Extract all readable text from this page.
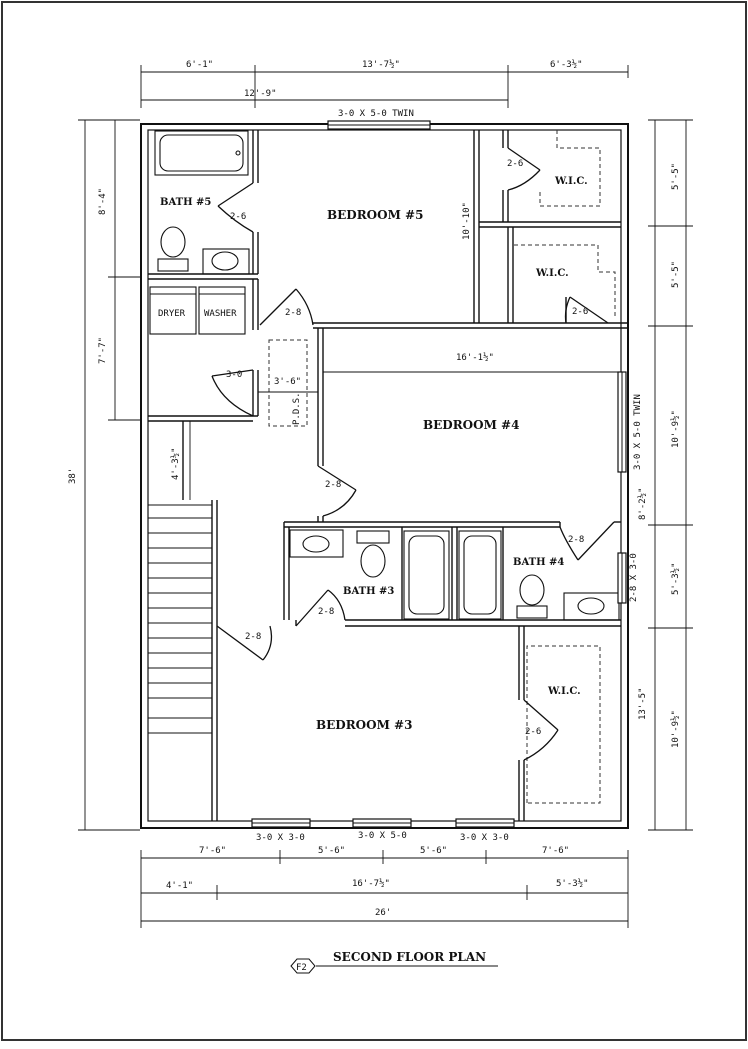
BEDROOM #5
BEDROOM #4
BEDROOM #3
BATH #5
BATH #4
BATH #3
W.I.C.
W.I.C.
W.I.C.
DRYER WASHER
P.D.S.
2-6
2-8
2-6
2-6
3-0
2-8
2-8
2-8
2-8
2-6
3-0 X 5-0 TWIN
3-0 X 5-0 TWIN
2-8 X 3-0
3-0 X 3-0	3-0 X 5-0	3-0 X 3-0
6'-1"	13'-7½"	6'-3½"
12'-9"
8'-4"
7'-7"
38'
5'-5"
5'-5"
10'-9½"
8'-2½"
5'-3½"
13'-5"
10'-9½"
10'-10"
16'-1½"
3'-6"
4'-3½"
7'-6"	5'-6"	5'-6"	7'-6"
4'-1"	16'-7½"	5'-3½"
26'
F2
SECOND FLOOR PLAN
